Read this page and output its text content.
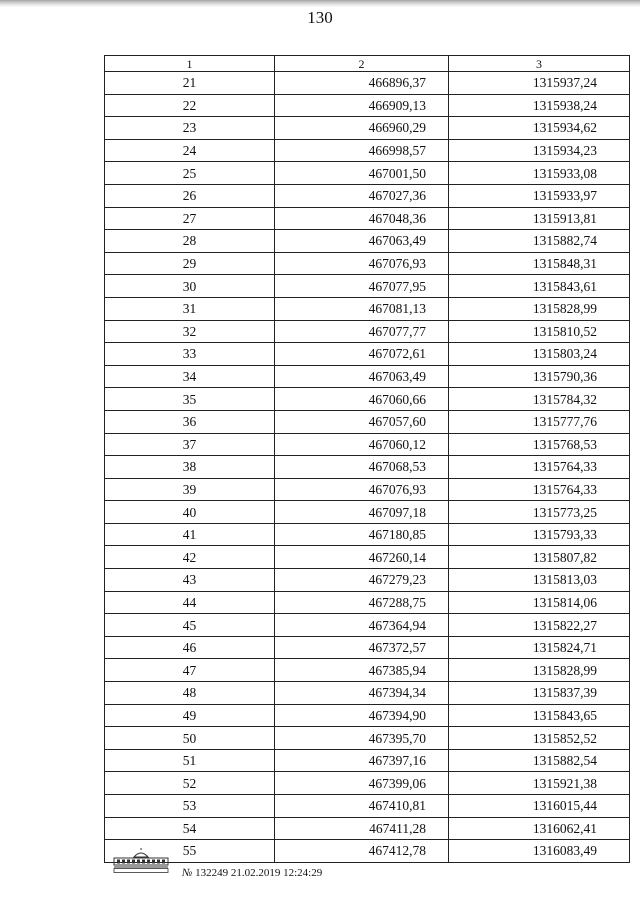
130
1	2	3
21	466896,37	1315937,24
22	466909,13	1315938,24
23	466960,29	1315934,62
24	466998,57	1315934,23
25	467001,50	1315933,08
26	467027,36	1315933,97
27	467048,36	1315913,81
28	467063,49	1315882,74
29	467076,93	1315848,31
30	467077,95	1315843,61
31	467081,13	1315828,99
32	467077,77	1315810,52
33	467072,61	1315803,24
34	467063,49	1315790,36
35	467060,66	1315784,32
36	467057,60	1315777,76
37	467060,12	1315768,53
38	467068,53	1315764,33
39	467076,93	1315764,33
40	467097,18	1315773,25
41	467180,85	1315793,33
42	467260,14	1315807,82
43	467279,23	1315813,03
44	467288,75	1315814,06
45	467364,94	1315822,27
46	467372,57	1315824,71
47	467385,94	1315828,99
48	467394,34	1315837,39
49	467394,90	1315843,65
50	467395,70	1315852,52
51	467397,16	1315882,54
52	467399,06	1315921,38
53	467410,81	1316015,44
54	467411,28	1316062,41
55	467412,78	1316083,49
№ 132249 21.02.2019 12:24:29
